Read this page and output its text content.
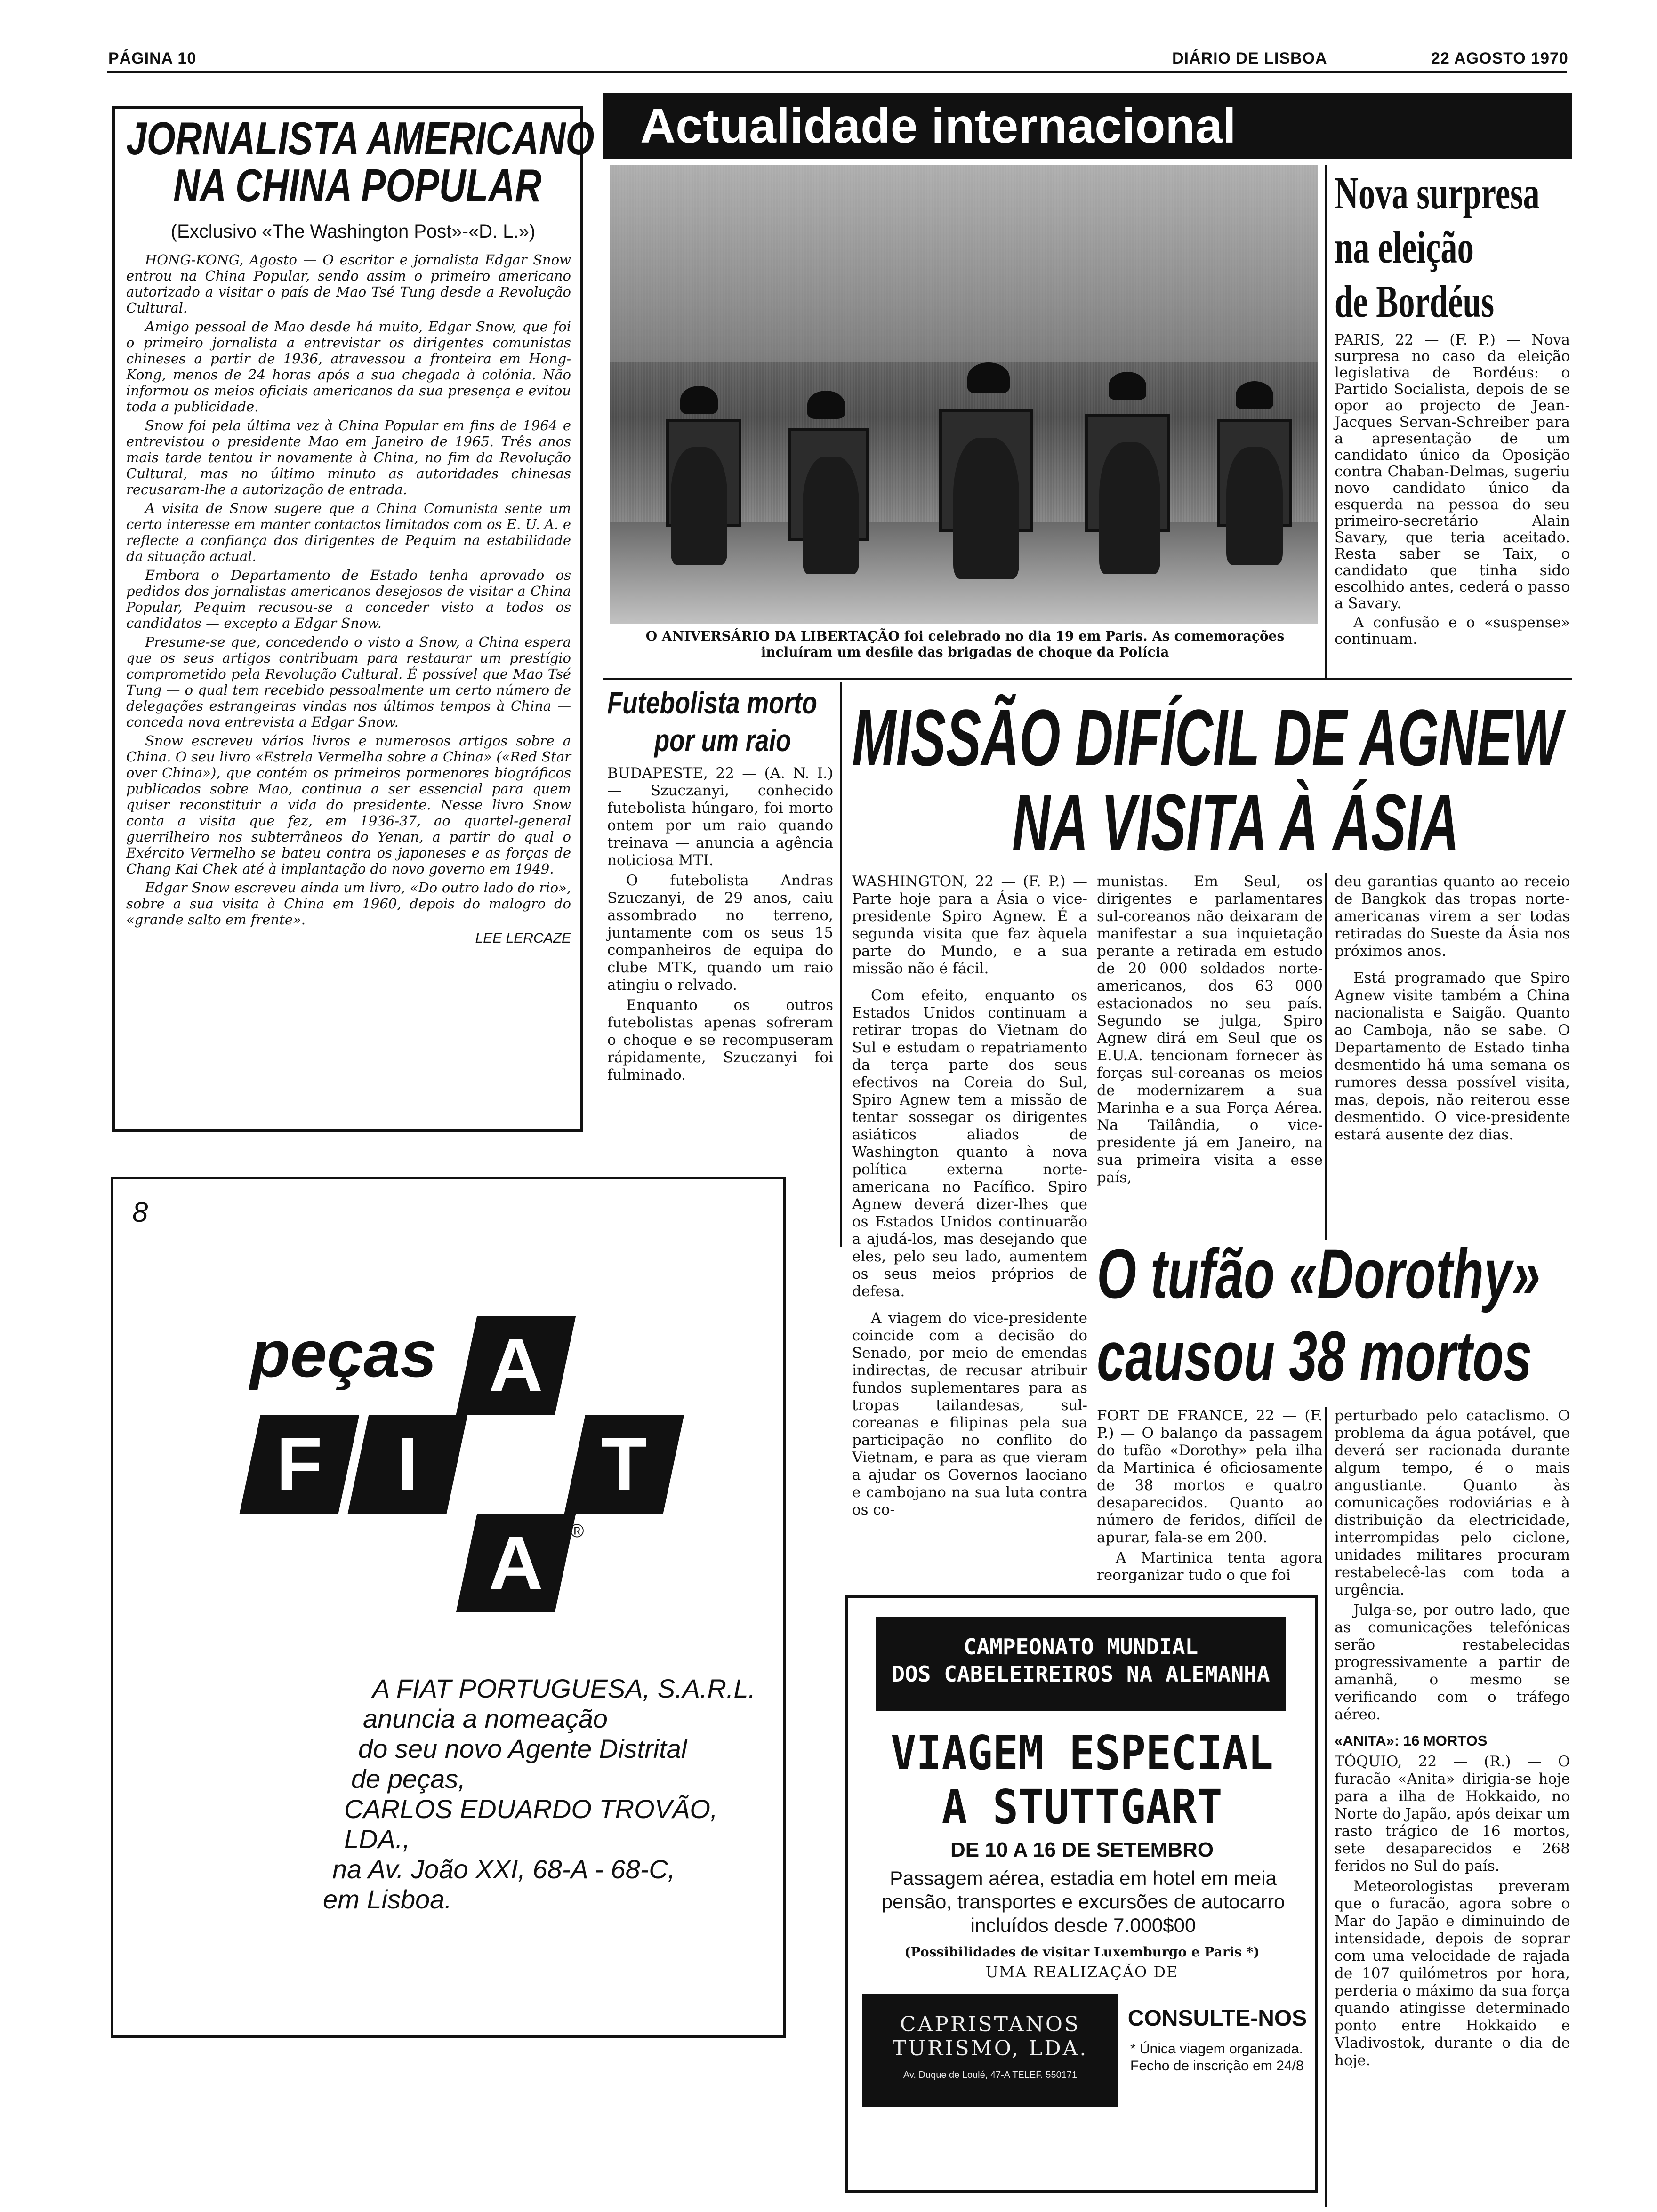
PÁGINA 10	DIÁRIO DE LISBOA	22 AGOSTO 1970
JORNALISTA AMERICANO
NA CHINA POPULAR
(Exclusivo «The Washington Post»-«D. L.»)

HONG-KONG, Agosto — O escritor e jornalista Edgar Snow entrou na China Popular, sendo assim o primeiro americano autorizado a visitar o país de Mao Tsé Tung desde a Revolução Cultural.

Amigo pessoal de Mao desde há muito, Edgar Snow, que foi o primeiro jornalista a entrevistar os dirigentes comunistas chineses a partir de 1936, atravessou a fronteira em Hong-Kong, menos de 24 horas após a sua chegada à colónia. Não informou os meios oficiais americanos da sua presença e evitou toda a publicidade.

Snow foi pela última vez à China Popular em fins de 1964 e entrevistou o presidente Mao em Janeiro de 1965. Três anos mais tarde tentou ir novamente à China, no fim da Revolução Cultural, mas no último minuto as autoridades chinesas recusaram-lhe a autorização de entrada.

A visita de Snow sugere que a China Comunista sente um certo interesse em manter contactos limitados com os E. U. A. e reflecte a confiança dos dirigentes de Pequim na estabilidade da situação actual.

Embora o Departamento de Estado tenha aprovado os pedidos dos jornalistas americanos desejosos de visitar a China Popular, Pequim recusou-se a conceder visto a todos os candidatos — excepto a Edgar Snow.

Presume-se que, concedendo o visto a Snow, a China espera que os seus artigos contribuam para restaurar um prestígio comprometido pela Revolução Cultural. É possível que Mao Tsé Tung — o qual tem recebido pessoalmente um certo número de delegações estrangeiras vindas nos últimos tempos à China — conceda nova entrevista a Edgar Snow.

Snow escreveu vários livros e numerosos artigos sobre a China. O seu livro «Estrela Vermelha sobre a China» («Red Star over China»), que contém os primeiros pormenores biográficos publicados sobre Mao, continua a ser essencial para quem quiser reconstituir a vida do presidente. Nesse livro Snow conta a visita que fez, em 1936-37, ao quartel-general guerrilheiro nos subterrâneos do Yenan, a partir do qual o Exército Vermelho se bateu contra os japoneses e as forças de Chang Kai Chek até à implantação do novo governo em 1949.

Edgar Snow escreveu ainda um livro, «Do outro lado do rio», sobre a sua visita à China em 1960, depois do malogro do «grande salto em frente».

LEE LERCAZE

Actualidade internacional
O ANIVERSÁRIO DA LIBERTAÇÃO foi celebrado no dia 19 em Paris. As comemorações incluíram um desfile das brigadas de choque da Polícia
Nova surpresa
na eleição
de Bordéus

PARIS, 22 — (F. P.) — Nova surpresa no caso da eleição legislativa de Bordéus: o Partido Socialista, depois de se opor ao projecto de Jean-Jacques Servan-Schreiber para a apresentação de um candidato único da Oposição contra Chaban-Delmas, sugeriu novo candidato único da esquerda na pessoa do seu primeiro-secretário Alain Savary, que teria aceitado. Resta saber se Taix, o candidato que tinha sido escolhido antes, cederá o passo a Savary.

A confusão e o «suspense» continuam.

Futebolista morto
por um raio

BUDAPESTE, 22 — (A. N. I.) — Szuczanyi, conhecido futebolista húngaro, foi morto ontem por um raio quando treinava — anuncia a agência noticiosa MTI.

O futebolista Andras Szuczanyi, de 29 anos, caiu assombrado no terreno, juntamente com os seus 15 companheiros de equipa do clube MTK, quando um raio atingiu o relvado.

Enquanto os outros futebolistas apenas sofreram o choque e se recompuseram rápidamente, Szuczanyi foi fulminado.

MISSÃO DIFÍCIL DE AGNEW
NA VISITA À ÁSIA

WASHINGTON, 22 — (F. P.) — Parte hoje para a Ásia o vice-presidente Spiro Agnew. É a segunda visita que faz àquela parte do Mundo, e a sua missão não é fácil.

Com efeito, enquanto os Estados Unidos continuam a retirar tropas do Vietnam do Sul e estudam o repatriamento da terça parte dos seus efectivos na Coreia do Sul, Spiro Agnew tem a missão de tentar sossegar os dirigentes asiáticos aliados de Washington quanto à nova política externa norte-americana no Pacífico. Spiro Agnew deverá dizer-lhes que os Estados Unidos continuarão a ajudá-los, mas desejando que eles, pelo seu lado, aumentem os seus meios próprios de defesa.

A viagem do vice-presidente coincide com a decisão do Senado, por meio de emendas indirectas, de recusar atribuir fundos suplementares para as tropas tailandesas, sul-coreanas e filipinas pela sua participação no conflito do Vietnam, e para as que vieram a ajudar os Governos laociano e cambojano na sua luta contra os co-

munistas. Em Seul, os dirigentes e parlamentares sul-coreanos não deixaram de manifestar a sua inquietação perante a retirada em estudo de 20 000 soldados norte-americanos, dos 63 000 estacionados no seu país. Segundo se julga, Spiro Agnew dirá em Seul que os E.U.A. tencionam fornecer às forças sul-coreanas os meios de modernizarem a sua Marinha e a sua Força Aérea. Na Tailândia, o vice-presidente já em Janeiro, na sua primeira visita a esse país,

deu garantias quanto ao receio de Bangkok das tropas norte-americanas virem a ser todas retiradas do Sueste da Ásia nos próximos anos.

Está programado que Spiro Agnew visite também a China nacionalista e Saigão. Quanto ao Camboja, não se sabe. O Departamento de Estado tinha desmentido há uma semana os rumores dessa possível visita, mas, depois, não reiterou esse desmentido. O vice-presidente estará ausente dez dias.

O tufão «Dorothy»
causou 38 mortos

FORT DE FRANCE, 22 — (F. P.) — O balanço da passagem do tufão «Dorothy» pela ilha da Martinica é oficiosamente de 38 mortos e quatro desaparecidos. Quanto ao número de feridos, difícil de apurar, fala-se em 200.

A Martinica tenta agora reorganizar tudo o que foi

perturbado pelo cataclismo. O problema da água potável, que deverá ser racionada durante algum tempo, é o mais angustiante. Quanto às comunicações rodoviárias e à distribuição da electricidade, interrompidas pelo ciclone, unidades militares procuram restabelecê-las com toda a urgência.

Julga-se, por outro lado, que as comunicações telefónicas serão restabelecidas progressivamente a partir de amanhã, o mesmo se verificando com o tráfego aéreo.

«ANITA»: 16 MORTOS

TÓQUIO, 22 — (R.) — O furacão «Anita» dirigia-se hoje para a ilha de Hokkaido, no Norte do Japão, após deixar um rasto trágico de 16 mortos, sete desaparecidos e 268 feridos no Sul do país.

Meteorologistas preveram que o furacão, agora sobre o Mar do Japão e diminuindo de intensidade, depois de soprar com uma velocidade de rajada de 107 quilómetros por hora, perderia o máximo da sua força quando atingisse determinado ponto entre Hokkaido e Vladivostok, durante o dia de hoje.

8
peças
F I
A
T
A ®
A FIAT PORTUGUESA, S.A.R.L.
anuncia a nomeação
do seu novo Agente Distrital
de peças,
CARLOS EDUARDO TROVÃO, LDA.,
na Av. João XXI, 68-A - 68-C,
em Lisboa.
CAMPEONATO MUNDIAL
DOS CABELEIREIROS NA ALEMANHA
VIAGEM ESPECIAL
A STUTTGART
DE 10 A 16 DE SETEMBRO
Passagem aérea, estadia em hotel em meia pensão, transportes e excursões de autocarro incluídos desde 7.000$00
(Possibilidades de visitar Luxemburgo e Paris *)
UMA REALIZAÇÃO DE
CAPRISTANOS
TURISMO, LDA.
Av. Duque de Loulé, 47-A TELEF. 550171
CONSULTE-NOS
* Única viagem organizada. Fecho de inscrição em 24/8
